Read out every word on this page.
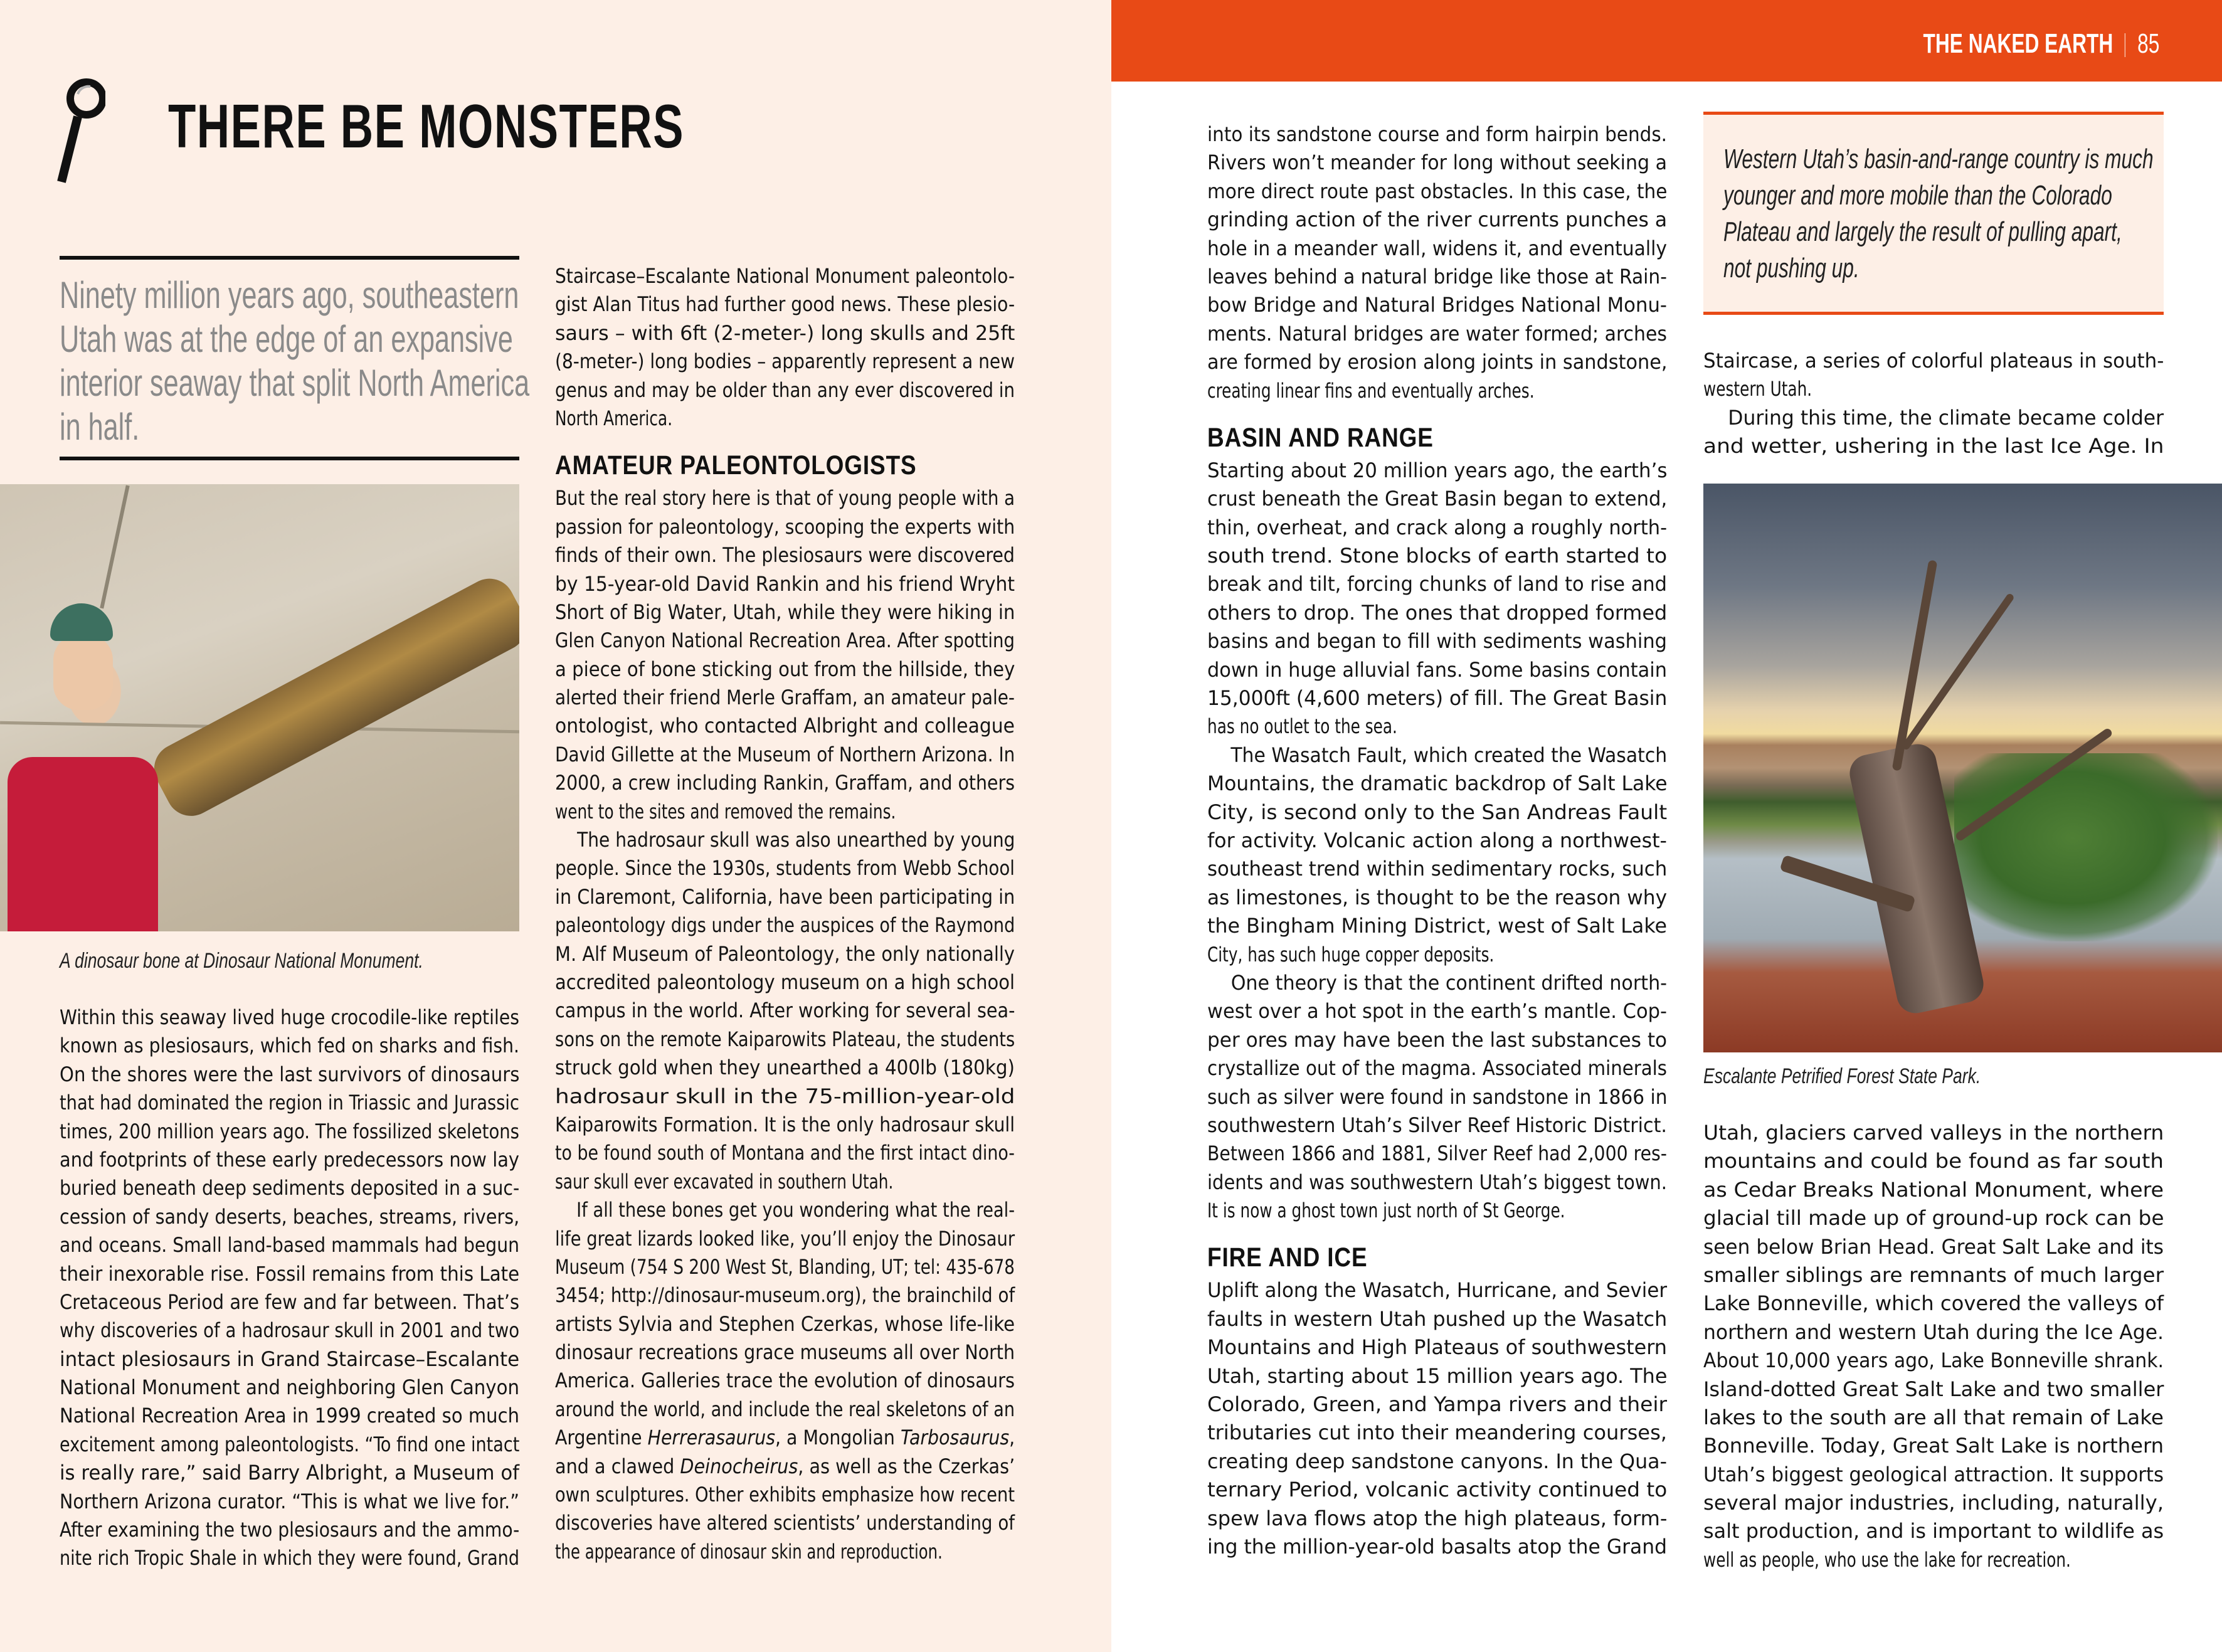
THE NAKED EARTH 85
THERE BE MONSTERS
Ninety million years ago, southeastern
Utah was at the edge of an expansive
interior seaway that split North America
in half.
A dinosaur bone at Dinosaur National Monument.
Within this seaway lived huge crocodile-like reptiles
known as plesiosaurs, which fed on sharks and fish.
On the shores were the last survivors of dinosaurs
that had dominated the region in Triassic and Jurassic
times, 200 million years ago. The fossilized skeletons
and footprints of these early predecessors now lay
buried beneath deep sediments deposited in a suc-
cession of sandy deserts, beaches, streams, rivers,
and oceans. Small land-based mammals had begun
their inexorable rise. Fossil remains from this Late
Cretaceous Period are few and far between. That’s
why discoveries of a hadrosaur skull in 2001 and two
intact plesiosaurs in Grand Staircase–Escalante
National Monument and neighboring Glen Canyon
National Recreation Area in 1999 created so much
excitement among paleontologists. “To find one intact
is really rare,” said Barry Albright, a Museum of
Northern Arizona curator. “This is what we live for.”
After examining the two plesiosaurs and the ammo-
nite rich Tropic Shale in which they were found, Grand
Staircase–Escalante National Monument paleontolo-
gist Alan Titus had further good news. These plesio-
saurs – with 6ft (2-meter-) long skulls and 25ft
(8-meter-) long bodies – apparently represent a new
genus and may be older than any ever discovered in
North America.
AMATEUR PALEONTOLOGISTS
But the real story here is that of young people with a
passion for paleontology, scooping the experts with
finds of their own. The plesiosaurs were discovered
by 15-year-old David Rankin and his friend Wryht
Short of Big Water, Utah, while they were hiking in
Glen Canyon National Recreation Area. After spotting
a piece of bone sticking out from the hillside, they
alerted their friend Merle Graffam, an amateur pale-
ontologist, who contacted Albright and colleague
David Gillette at the Museum of Northern Arizona. In
2000, a crew including Rankin, Graffam, and others
went to the sites and removed the remains.
The hadrosaur skull was also unearthed by young
people. Since the 1930s, students from Webb School
in Claremont, California, have been participating in
paleontology digs under the auspices of the Raymond
M. Alf Museum of Paleontology, the only nationally
accredited paleontology museum on a high school
campus in the world. After working for several sea-
sons on the remote Kaiparowits Plateau, the students
struck gold when they unearthed a 400lb (180kg)
hadrosaur skull in the 75-million-year-old
Kaiparowits Formation. It is the only hadrosaur skull
to be found south of Montana and the first intact dino-
saur skull ever excavated in southern Utah.
If all these bones get you wondering what the real-
life great lizards looked like, you’ll enjoy the Dinosaur
Museum (754 S 200 West St, Blanding, UT; tel: 435-678
3454; http://dinosaur-museum.org), the brainchild of
artists Sylvia and Stephen Czerkas, whose life-like
dinosaur recreations grace museums all over North
America. Galleries trace the evolution of dinosaurs
around the world, and include the real skeletons of an
Argentine Herrerasaurus, a Mongolian Tarbosaurus,
and a clawed Deinocheirus, as well as the Czerkas’
own sculptures. Other exhibits emphasize how recent
discoveries have altered scientists’ understanding of
the appearance of dinosaur skin and reproduction.
into its sandstone course and form hairpin bends.
Rivers won’t meander for long without seeking a
more direct route past obstacles. In this case, the
grinding action of the river currents punches a
hole in a meander wall, widens it, and eventually
leaves behind a natural bridge like those at Rain-
bow Bridge and Natural Bridges National Monu-
ments. Natural bridges are water formed; arches
are formed by erosion along joints in sandstone,
creating linear fins and eventually arches.
BASIN AND RANGE
Starting about 20 million years ago, the earth’s
crust beneath the Great Basin began to extend,
thin, overheat, and crack along a roughly north-
south trend. Stone blocks of earth started to
break and tilt, forcing chunks of land to rise and
others to drop. The ones that dropped formed
basins and began to fill with sediments washing
down in huge alluvial fans. Some basins contain
15,000ft (4,600 meters) of fill. The Great Basin
has no outlet to the sea.
The Wasatch Fault, which created the Wasatch
Mountains, the dramatic backdrop of Salt Lake
City, is second only to the San Andreas Fault
for activity. Volcanic action along a northwest-
southeast trend within sedimentary rocks, such
as limestones, is thought to be the reason why
the Bingham Mining District, west of Salt Lake
City, has such huge copper deposits.
One theory is that the continent drifted north-
west over a hot spot in the earth’s mantle. Cop-
per ores may have been the last substances to
crystallize out of the magma. Associated minerals
such as silver were found in sandstone in 1866 in
southwestern Utah’s Silver Reef Historic District.
Between 1866 and 1881, Silver Reef had 2,000 res-
idents and was southwestern Utah’s biggest town.
It is now a ghost town just north of St George.
FIRE AND ICE
Uplift along the Wasatch, Hurricane, and Sevier
faults in western Utah pushed up the Wasatch
Mountains and High Plateaus of southwestern
Utah, starting about 15 million years ago. The
Colorado, Green, and Yampa rivers and their
tributaries cut into their meandering courses,
creating deep sandstone canyons. In the Qua-
ternary Period, volcanic activity continued to
spew lava flows atop the high plateaus, form-
ing the million-year-old basalts atop the Grand
Western Utah’s basin-and-range country is much
younger and more mobile than the Colorado
Plateau and largely the result of pulling apart,
not pushing up.
Staircase, a series of colorful plateaus in south-
western Utah.
During this time, the climate became colder
and wetter, ushering in the last Ice Age. In
Escalante Petrified Forest State Park.
Utah, glaciers carved valleys in the northern
mountains and could be found as far south
as Cedar Breaks National Monument, where
glacial till made up of ground-up rock can be
seen below Brian Head. Great Salt Lake and its
smaller siblings are remnants of much larger
Lake Bonneville, which covered the valleys of
northern and western Utah during the Ice Age.
About 10,000 years ago, Lake Bonneville shrank.
Island-dotted Great Salt Lake and two smaller
lakes to the south are all that remain of Lake
Bonneville. Today, Great Salt Lake is northern
Utah’s biggest geological attraction. It supports
several major industries, including, naturally,
salt production, and is important to wildlife as
well as people, who use the lake for recreation.
